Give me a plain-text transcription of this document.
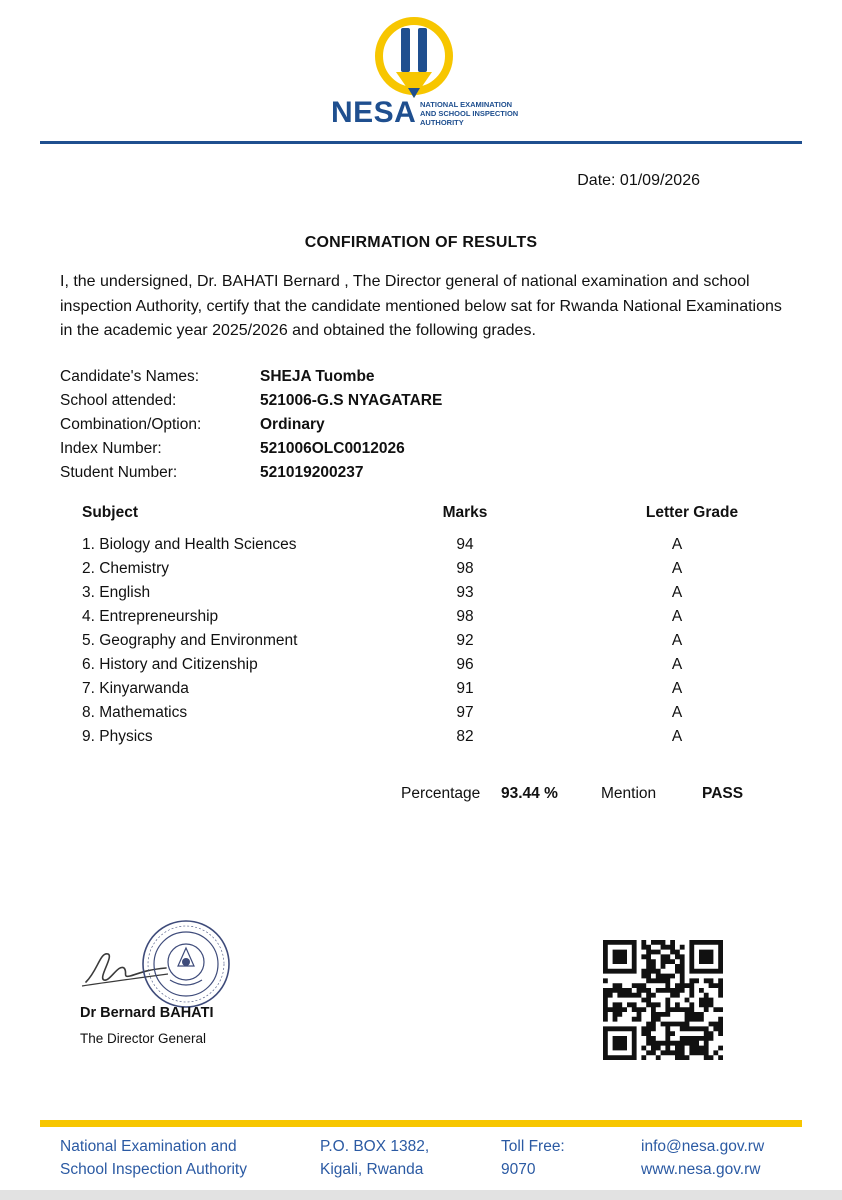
NESA NATIONAL EXAMINATION
AND SCHOOL INSPECTION
AUTHORITY
Date: 01/09/2026
CONFIRMATION OF RESULTS
I, the undersigned, Dr. BAHATI Bernard , The Director general of national examination and school inspection Authority, certify that the candidate mentioned below sat for Rwanda National Examinations in the academic year 2025/2026 and obtained the following grades.
Candidate's Names:	SHEJA Tuombe
School attended:	521006-G.S NYAGATARE
Combination/Option:	Ordinary
Index Number:	521006OLC0012026
Student Number:	521019200237
Subject	Marks	Letter Grade
1. Biology and Health Sciences	94	A
2. Chemistry	98	A
3. English	93	A
4. Entrepreneurship	98	A
5. Geography and Environment	92	A
6. History and Citizenship	96	A
7. Kinyarwanda	91	A
8. Mathematics	97	A
9. Physics	82	A
Percentage 93.44 %	Mention	PASS
Dr Bernard BAHATI
The Director General
National Examination and
School Inspection Authority
P.O. BOX 1382,
Kigali, Rwanda
Toll Free:
9070
info@nesa.gov.rw
www.nesa.gov.rw
